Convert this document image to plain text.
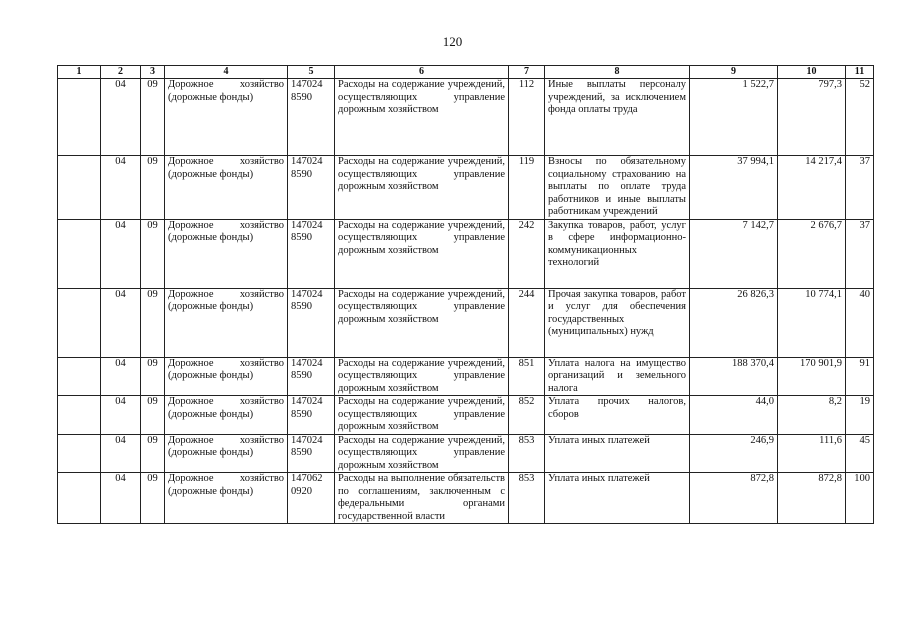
120
1	2	3	4	5	6	7	8	9	10	11
	04	09	Дорожное хозяйство (дорожные фонды)	147024 8590	Расходы на содержание учреждений, осуществляющих управление дорожным хозяйством	112	Иные выплаты персоналу учреждений, за исключением фонда оплаты труда	1 522,7	797,3	52
	04	09	Дорожное хозяйство (дорожные фонды)	147024 8590	Расходы на содержание учреждений, осуществляющих управление дорожным хозяйством	119	Взносы по обязательному социальному страхованию на выплаты по оплате труда работников и иные выплаты работникам учреждений	37 994,1	14 217,4	37
	04	09	Дорожное хозяйство (дорожные фонды)	147024 8590	Расходы на содержание учреждений, осуществляющих управление дорожным хозяйством	242	Закупка товаров, работ, услуг в сфере информационно-коммуникационных технологий	7 142,7	2 676,7	37
	04	09	Дорожное хозяйство (дорожные фонды)	147024 8590	Расходы на содержание учреждений, осуществляющих управление дорожным хозяйством	244	Прочая закупка товаров, работ и услуг для обеспечения государственных (муниципальных) нужд	26 826,3	10 774,1	40
	04	09	Дорожное хозяйство (дорожные фонды)	147024 8590	Расходы на содержание учреждений, осуществляющих управление дорожным хозяйством	851	Уплата налога на имущество организаций и земельного налога	188 370,4	170 901,9	91
	04	09	Дорожное хозяйство (дорожные фонды)	147024 8590	Расходы на содержание учреждений, осуществляющих управление дорожным хозяйством	852	Уплата прочих налогов, сборов	44,0	8,2	19
	04	09	Дорожное хозяйство (дорожные фонды)	147024 8590	Расходы на содержание учреждений, осуществляющих управление дорожным хозяйством	853	Уплата иных платежей	246,9	111,6	45
	04	09	Дорожное хозяйство (дорожные фонды)	147062 0920	Расходы на выполнение обязательств по соглашениям, заключенным с федеральными органами государственной власти	853	Уплата иных платежей	872,8	872,8	100
